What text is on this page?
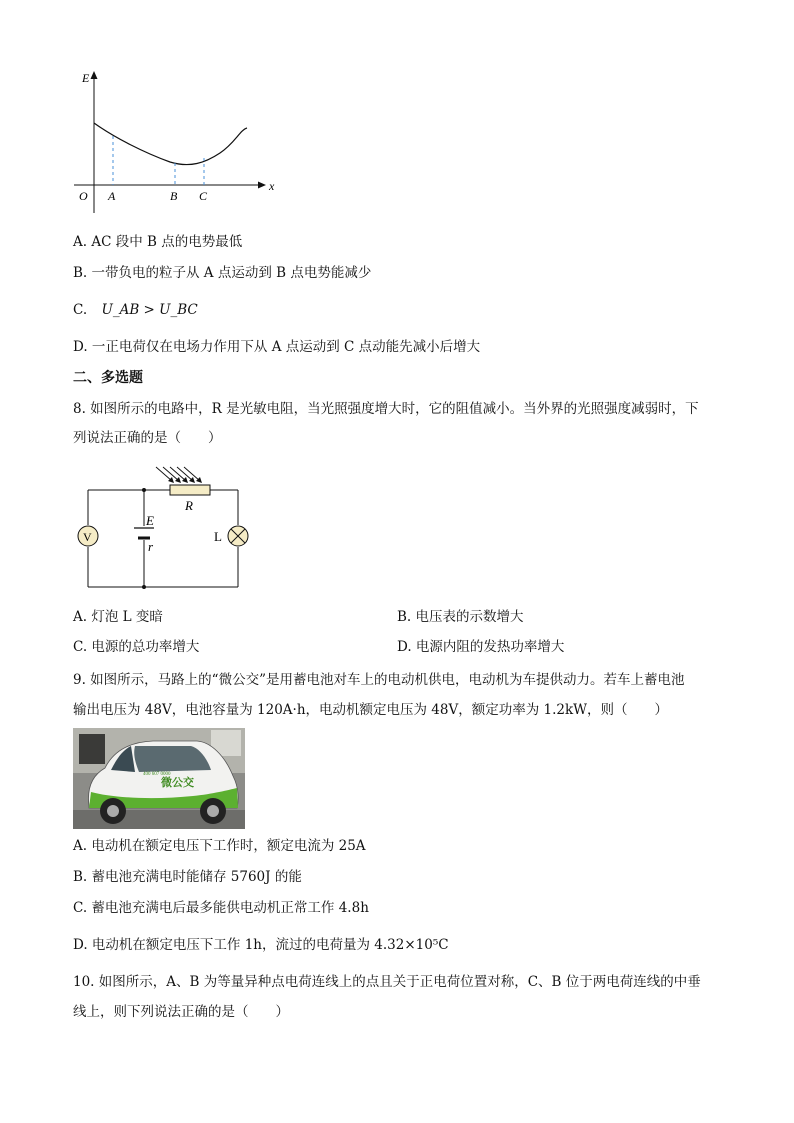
E
x
O A	B C
A. AC 段中 B 点的电势最低
B. 一带负电的粒子从 A 点运动到 B 点电势能减少
C. U_AB > U_BC
D. 一正电荷仅在电场力作用下从 A 点运动到 C 点动能先减小后增大
二、多选题
8. 如图所示的电路中，R 是光敏电阻，当光照强度增大时，它的阻值减小。当外界的光照强度减弱时，下
列说法正确的是（　　）
R
E
r
V	L
A. 灯泡 L 变暗	B. 电压表的示数增大
C. 电源的总功率增大	D. 电源内阻的发热功率增大
9. 如图所示，马路上的“微公交”是用蓄电池对车上的电动机供电，电动机为车提供动力。若车上蓄电池
输出电压为 48V，电池容量为 120A·h，电动机额定电压为 48V，额定功率为 1.2kW，则（　　）
微公交
400 607 0000
A. 电动机在额定电压下工作时，额定电流为 25A
B. 蓄电池充满电时能储存 5760J 的能
C. 蓄电池充满电后最多能供电动机正常工作 4.8h
D. 电动机在额定电压下工作 1h，流过的电荷量为 4.32×10⁵C
10. 如图所示，A、B 为等量异种点电荷连线上的点且关于正电荷位置对称，C、B 位于两电荷连线的中垂
线上，则下列说法正确的是（　　）
